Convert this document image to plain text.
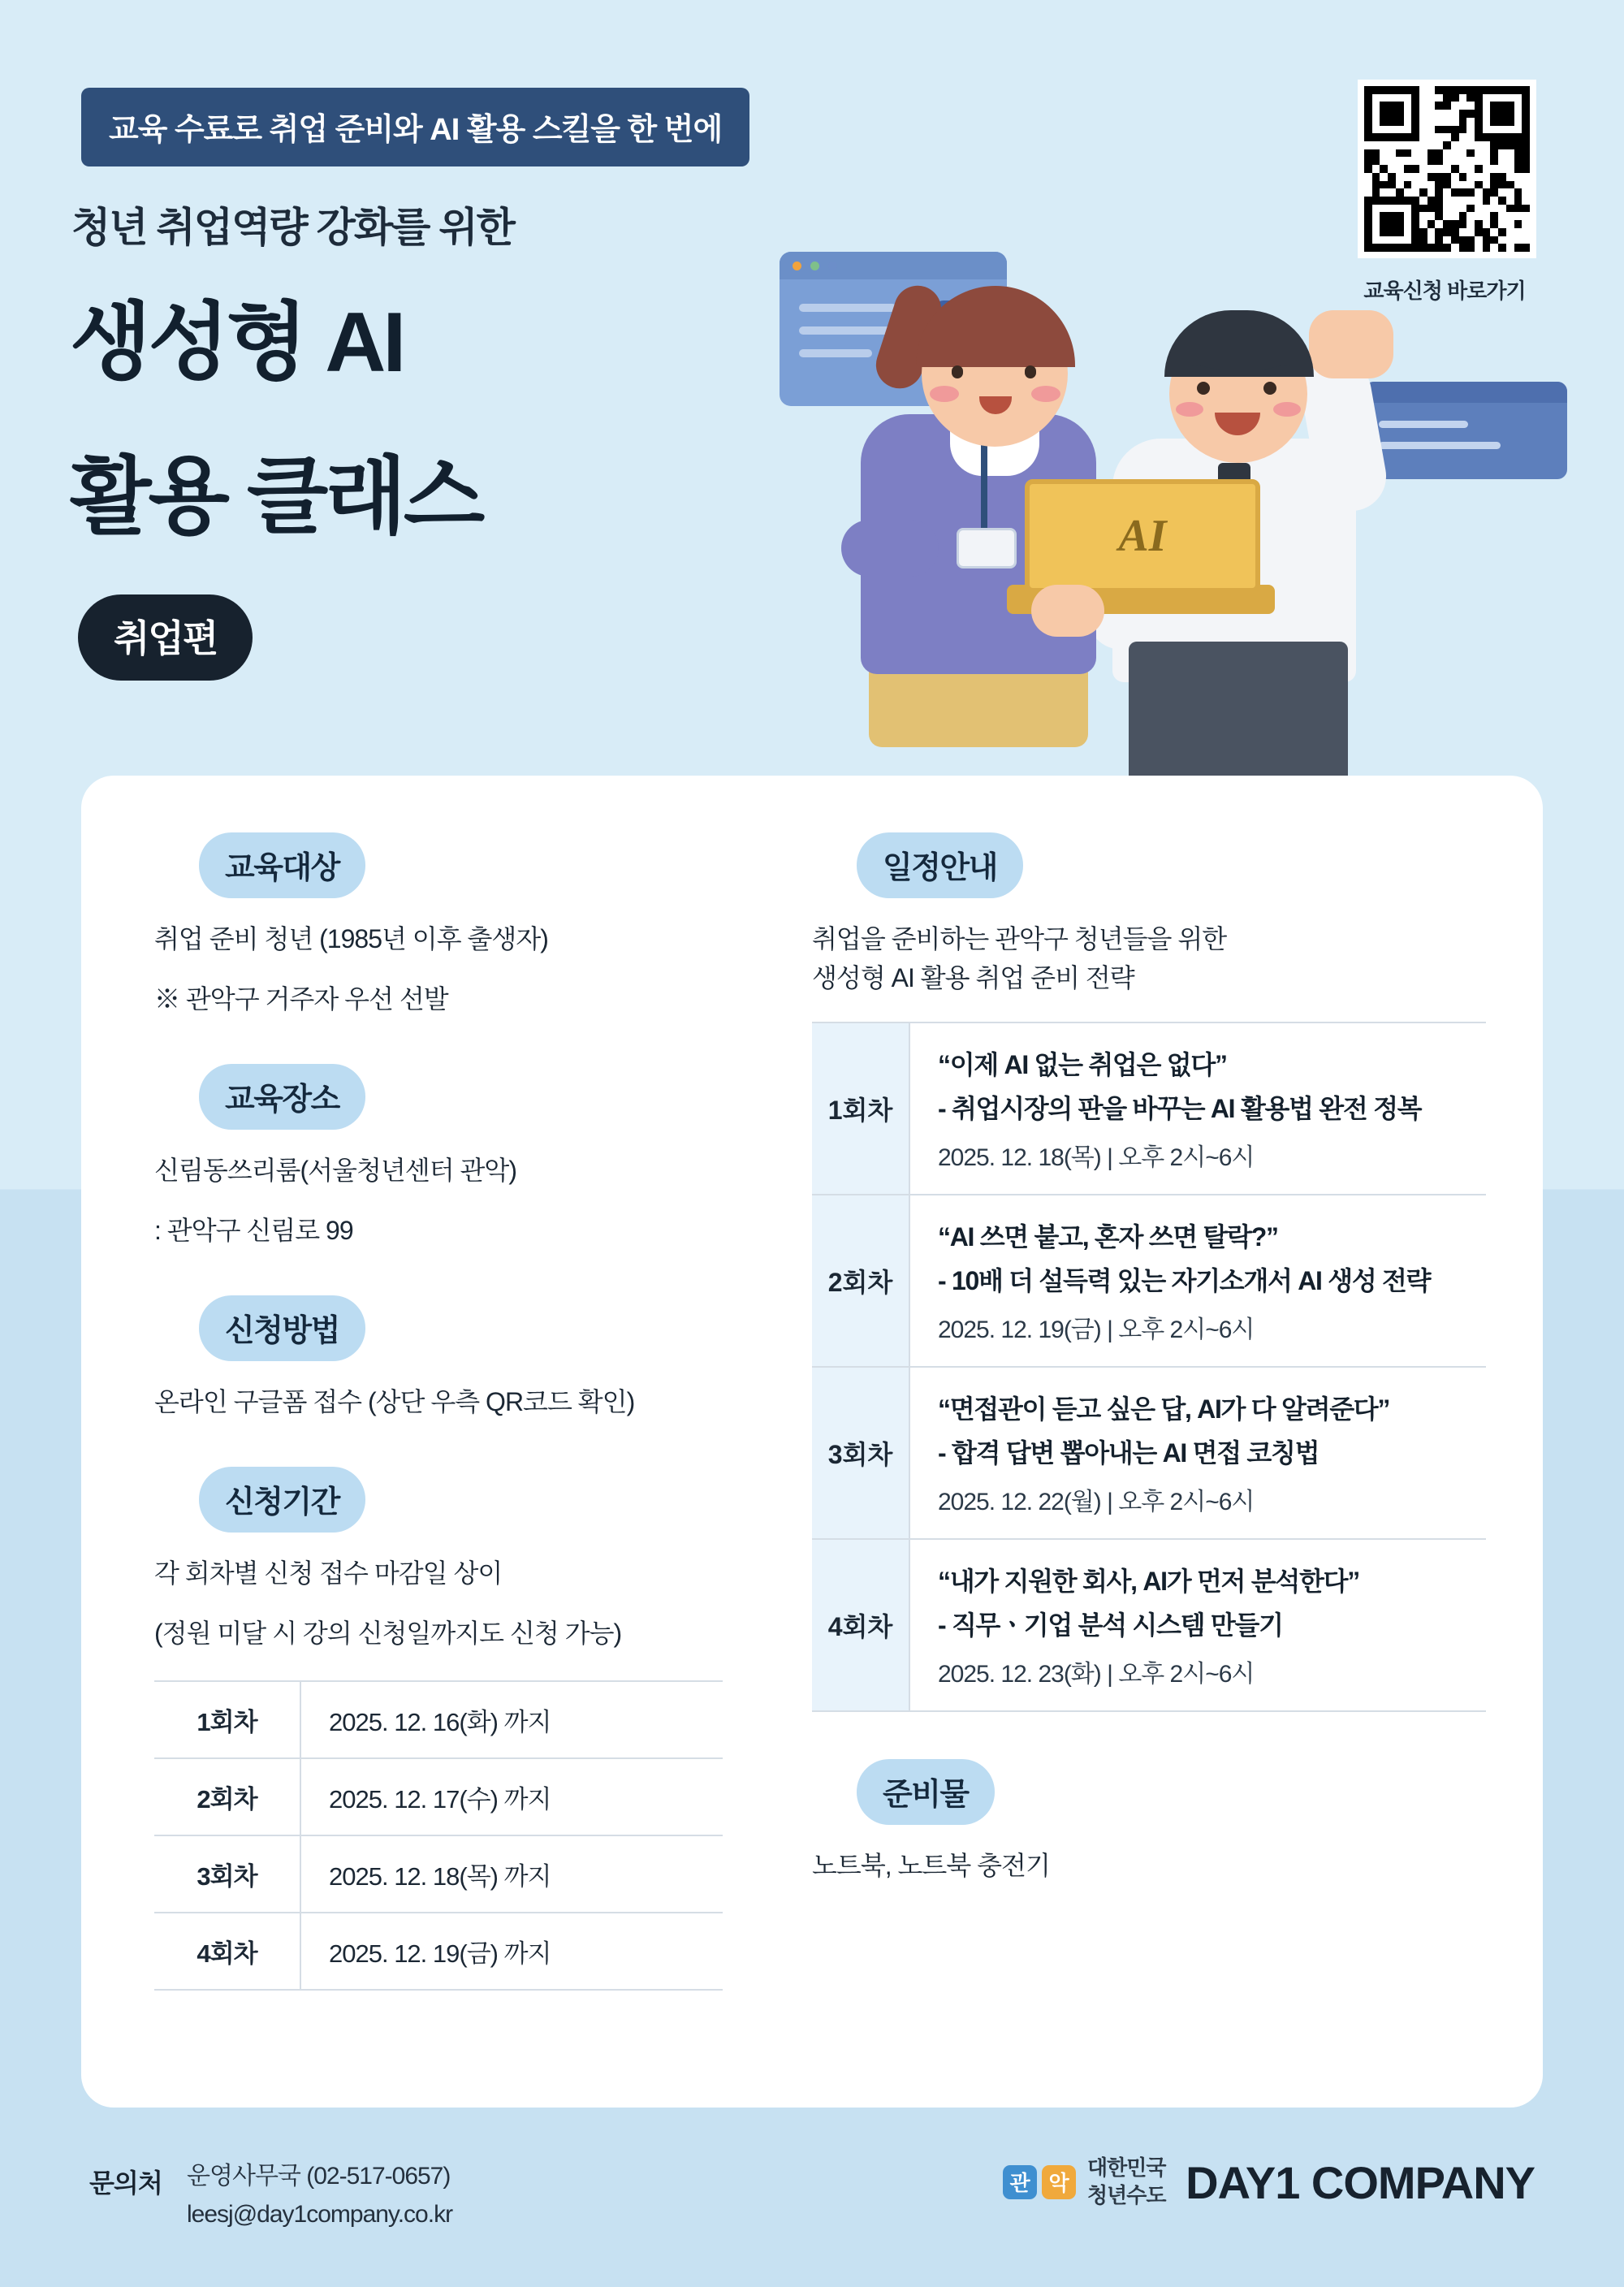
교육 수료로 취업 준비와 AI 활용 스킬을 한 번에
청년 취업역량 강화를 위한
생성형 AI
활용 클래스
취업편
교육신청 바로가기
AI
교육대상

취업 준비 청년 (1985년 이후 출생자)

※ 관악구 거주자 우선 선발

교육장소

신림동쓰리룸(서울청년센터 관악)

: 관악구 신림로 99

신청방법

온라인 구글폼 접수 (상단 우측 QR코드 확인)

신청기간

각 회차별 신청 접수 마감일 상이

(정원 미달 시 강의 신청일까지도 신청 가능)

1회차	2025. 12. 16(화) 까지
2회차	2025. 12. 17(수) 까지
3회차	2025. 12. 18(목) 까지
4회차	2025. 12. 19(금) 까지
일정안내

취업을 준비하는 관악구 청년들을 위한

생성형 AI 활용 취업 준비 전략

1회차	“이제 AI 없는 취업은 없다”
- 취업시장의 판을 바꾸는 AI 활용법 완전 정복
2025. 12. 18(목) | 오후 2시~6시

2회차	“AI 쓰면 붙고, 혼자 쓰면 탈락?”
- 10배 더 설득력 있는 자기소개서 AI 생성 전략
2025. 12. 19(금) | 오후 2시~6시

3회차	“면접관이 듣고 싶은 답, AI가 다 알려준다”
- 합격 답변 뽑아내는 AI 면접 코칭법
2025. 12. 22(월) | 오후 2시~6시

4회차	“내가 지원한 회사, AI가 먼저 분석한다”
- 직무ㆍ기업 분석 시스템 만들기
2025. 12. 23(화) | 오후 2시~6시
준비물

노트북, 노트북 충전기

문의처 운영사무국 (02-517-0657)
leesj@day1company.co.kr
관 악
대한민국
청년수도 DAY1 COMPANY
